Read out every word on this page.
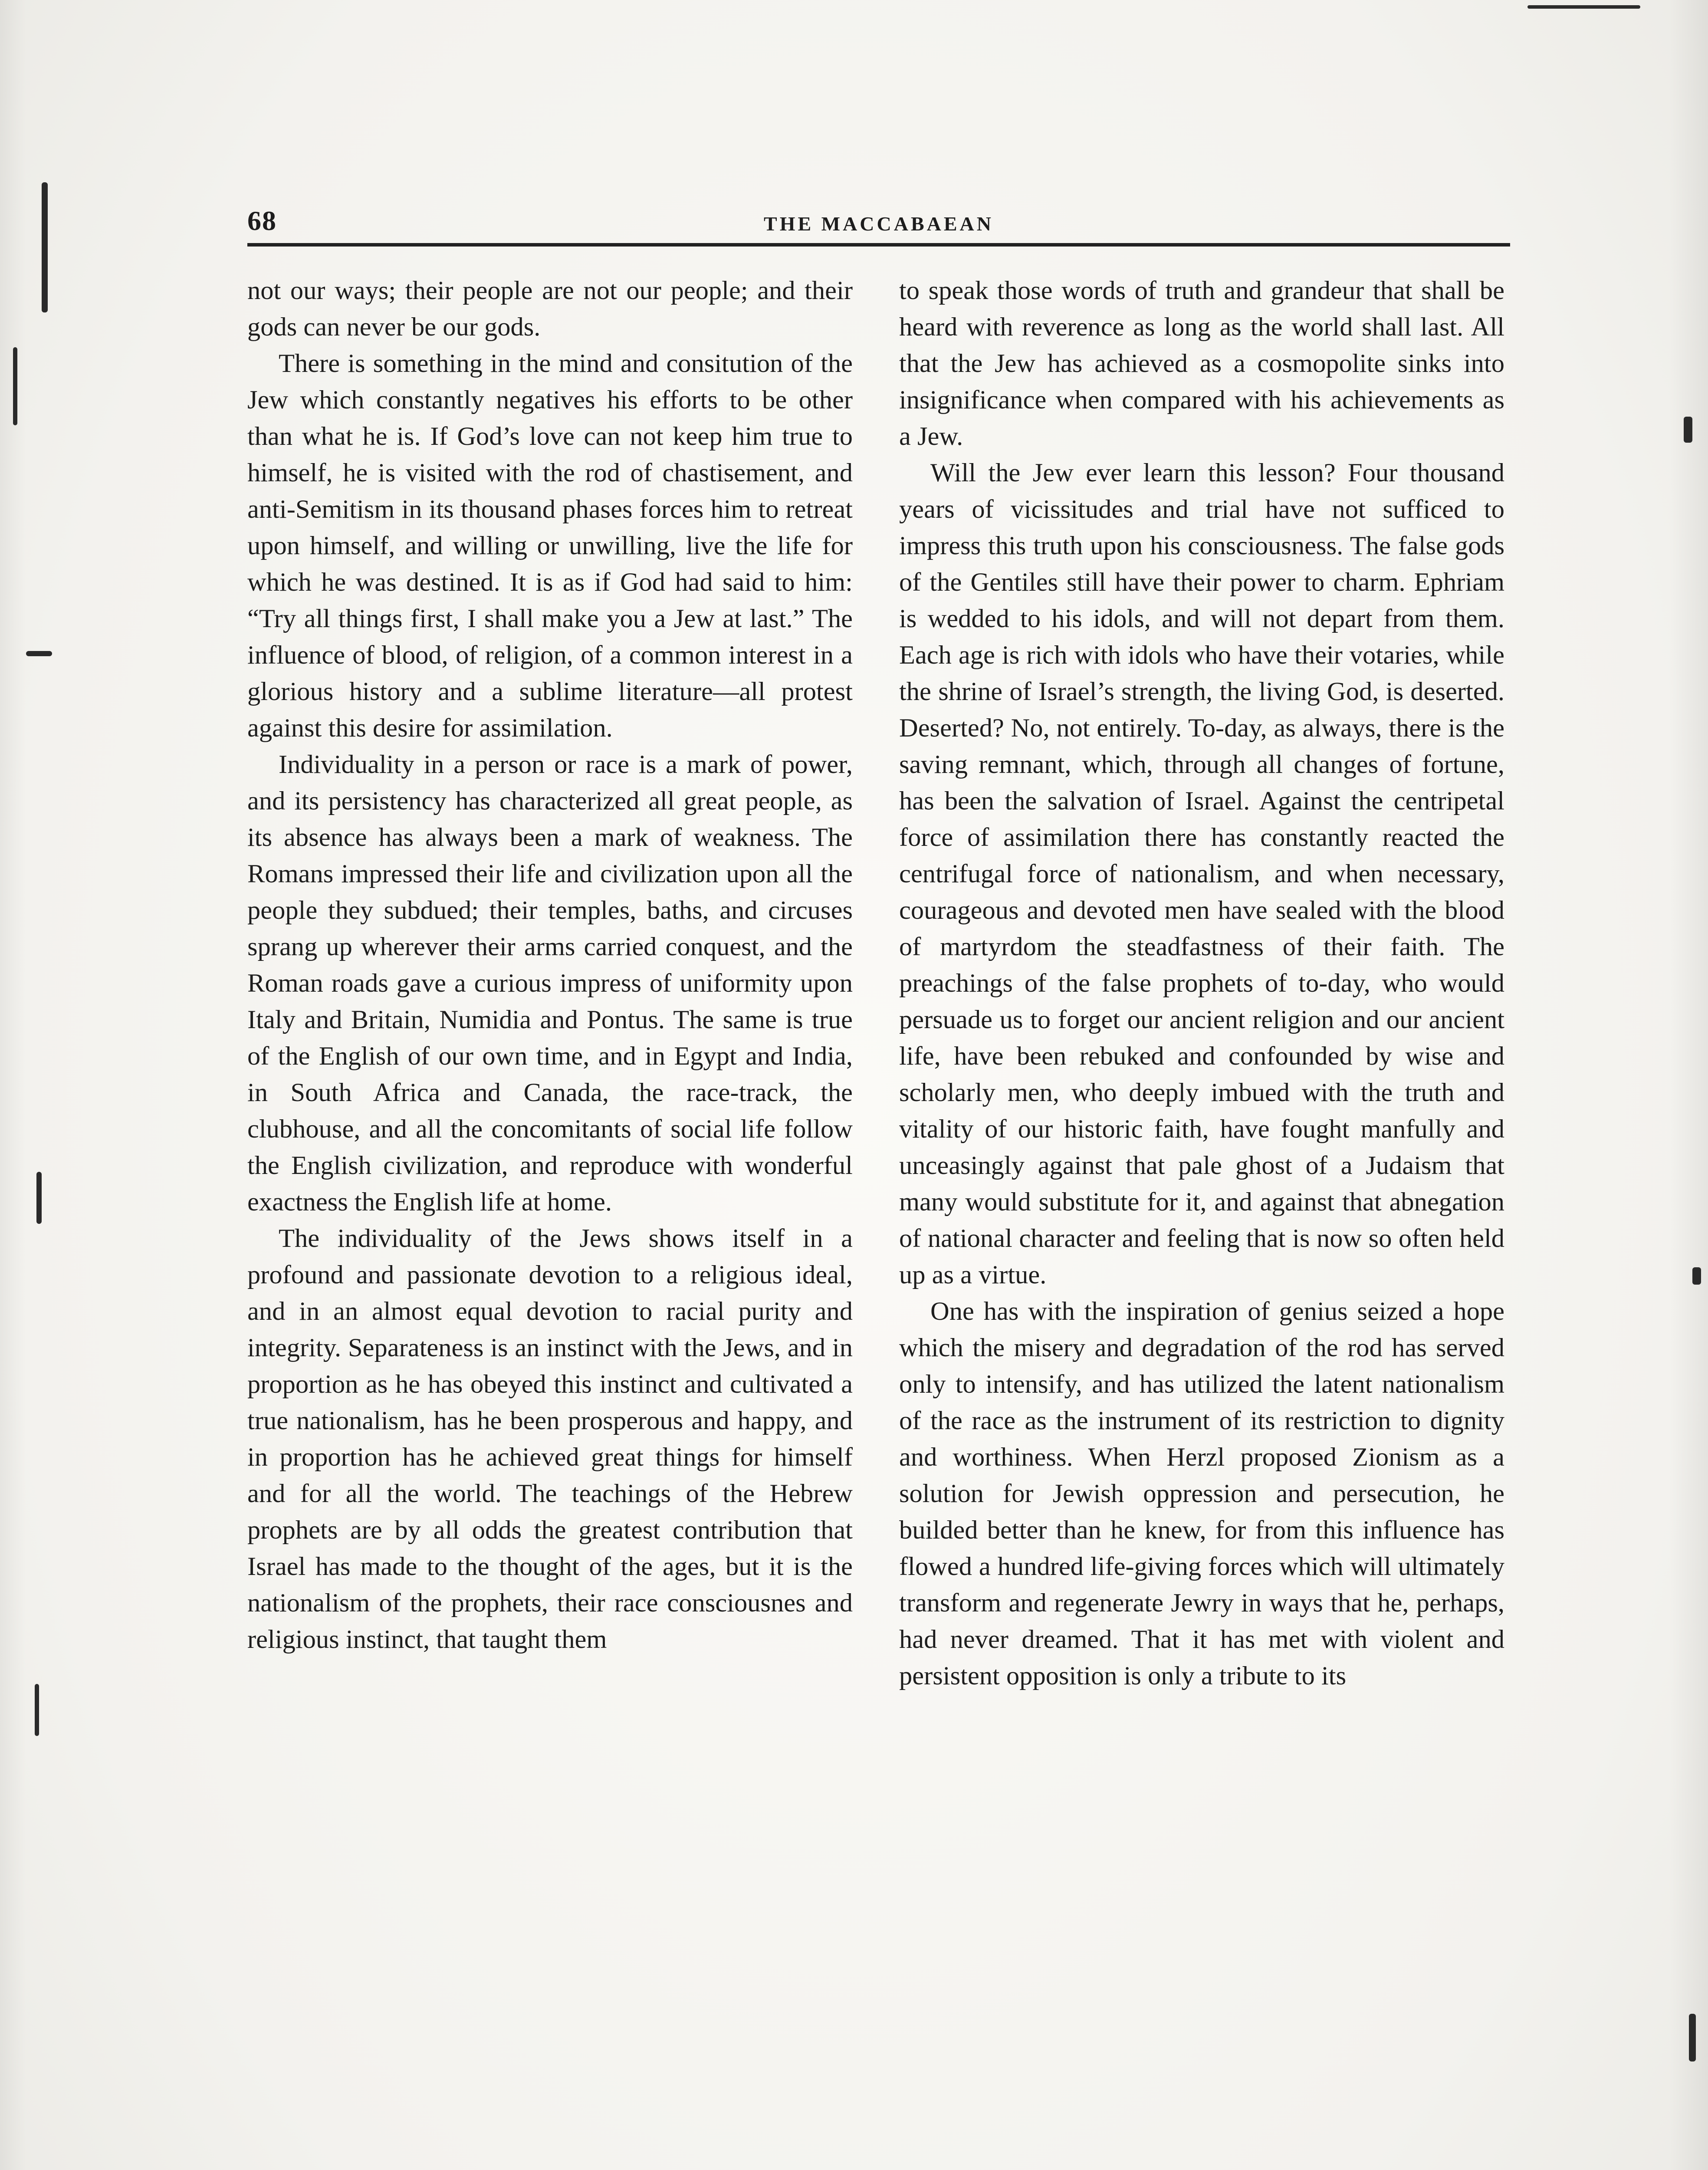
68	THE MACCABAEAN

not our ways; their people are not our people; and their gods can never be our gods.

There is something in the mind and consitution of the Jew which constantly negatives his efforts to be other than what he is. If God’s love can not keep him true to himself, he is visited with the rod of chastisement, and anti-Semitism in its thousand phases forces him to retreat upon himself, and willing or unwilling, live the life for which he was destined. It is as if God had said to him: “Try all things first, I shall make you a Jew at last.” The influence of blood, of religion, of a common interest in a glorious history and a sublime literature—all protest against this desire for assimilation.

Individuality in a person or race is a mark of power, and its persistency has characterized all great people, as its absence has always been a mark of weakness. The Romans impressed their life and civilization upon all the people they subdued; their temples, baths, and circuses sprang up wherever their arms carried conquest, and the Roman roads gave a curious impress of uniformity upon Italy and Britain, Numidia and Pontus. The same is true of the English of our own time, and in Egypt and India, in South Africa and Canada, the race-track, the clubhouse, and all the concomitants of social life follow the English civilization, and reproduce with wonderful exactness the English life at home.

The individuality of the Jews shows itself in a profound and passionate devotion to a religious ideal, and in an almost equal devotion to racial purity and integrity. Separateness is an instinct with the Jews, and in proportion as he has obeyed this instinct and cultivated a true nationalism, has he been prosperous and happy, and in proportion has he achieved great things for himself and for all the world. The teachings of the Hebrew prophets are by all odds the greatest contribution that Israel has made to the thought of the ages, but it is the nationalism of the prophets, their race consciousnes and religious instinct, that taught them

to speak those words of truth and grandeur that shall be heard with reverence as long as the world shall last. All that the Jew has achieved as a cosmopolite sinks into insignificance when compared with his achievements as a Jew.

Will the Jew ever learn this lesson? Four thousand years of vicissitudes and trial have not sufficed to impress this truth upon his consciousness. The false gods of the Gentiles still have their power to charm. Ephriam is wedded to his idols, and will not depart from them. Each age is rich with idols who have their votaries, while the shrine of Israel’s strength, the living God, is deserted. Deserted? No, not entirely. To-day, as always, there is the saving remnant, which, through all changes of fortune, has been the salvation of Israel. Against the centripetal force of assimilation there has constantly reacted the centrifugal force of nationalism, and when necessary, courageous and devoted men have sealed with the blood of martyrdom the steadfastness of their faith. The preachings of the false prophets of to-day, who would persuade us to forget our ancient religion and our ancient life, have been rebuked and confounded by wise and scholarly men, who deeply imbued with the truth and vitality of our historic faith, have fought manfully and unceasingly against that pale ghost of a Judaism that many would substitute for it, and against that abnegation of national character and feeling that is now so often held up as a virtue.

One has with the inspiration of genius seized a hope which the misery and degradation of the rod has served only to intensify, and has utilized the latent nationalism of the race as the instrument of its restriction to dignity and worthiness. When Herzl proposed Zionism as a solution for Jewish oppression and persecution, he builded better than he knew, for from this influence has flowed a hundred life-giving forces which will ultimately transform and regenerate Jewry in ways that he, perhaps, had never dreamed. That it has met with violent and persistent opposition is only a tribute to its
